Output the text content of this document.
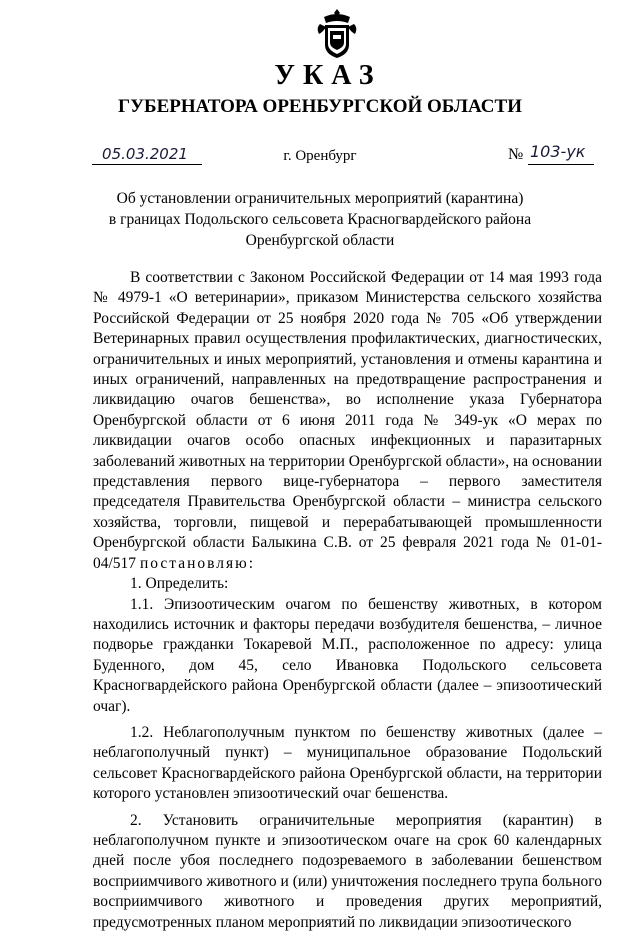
УКАЗ
ГУБЕРНАТОРА ОРЕНБУРГСКОЙ ОБЛАСТИ
05.03.2021	г. Оренбург	№ 103-ук
Об установлении ограничительных мероприятий (карантина)
в границах Подольского сельсовета Красногвардейского района
Оренбургской области

В соответствии с Законом Российской Федерации от 14 мая 1993 года № 4979-1 «О ветеринарии», приказом Министерства сельского хозяйства Российской Федерации от 25 ноября 2020 года № 705 «Об утверждении Ветеринарных правил осуществления профилактических, диагностических, ограничительных и иных мероприятий, установления и отмены карантина и иных ограничений, направленных на предотвращение распространения и ликвидацию очагов бешенства», во исполнение указа Губернатора Оренбургской области от 6 июня 2011 года № 349-ук «О мерах по ликвидации очагов особо опасных инфекционных и паразитарных заболеваний животных на территории Оренбургской области», на основании представления первого вице-губернатора – первого заместителя председателя Правительства Оренбургской области – министра сельского хозяйства, торговли, пищевой и перерабатывающей промышленности Оренбургской области Балыкина С.В. от 25 февраля 2021 года № 01-01-04/517 постановляю:

1. Определить:

1.1. Эпизоотическим очагом по бешенству животных, в котором находились источник и факторы передачи возбудителя бешенства, – личное подворье гражданки Токаревой М.П., расположенное по адресу: улица Буденного, дом 45, село Ивановка Подольского сельсовета Красногвардейского района Оренбургской области (далее – эпизоотический очаг).

1.2. Неблагополучным пунктом по бешенству животных (далее – неблагополучный пункт) – муниципальное образование Подольский сельсовет Красногвардейского района Оренбургской области, на территории которого установлен эпизоотический очаг бешенства.

2. Установить ограничительные мероприятия (карантин) в неблагополучном пункте и эпизоотическом очаге на срок 60 календарных дней после убоя последнего подозреваемого в заболевании бешенством восприимчивого животного и (или) уничтожения последнего трупа больного восприимчивого животного и проведения других мероприятий, предусмотренных планом мероприятий по ликвидации эпизоотического
